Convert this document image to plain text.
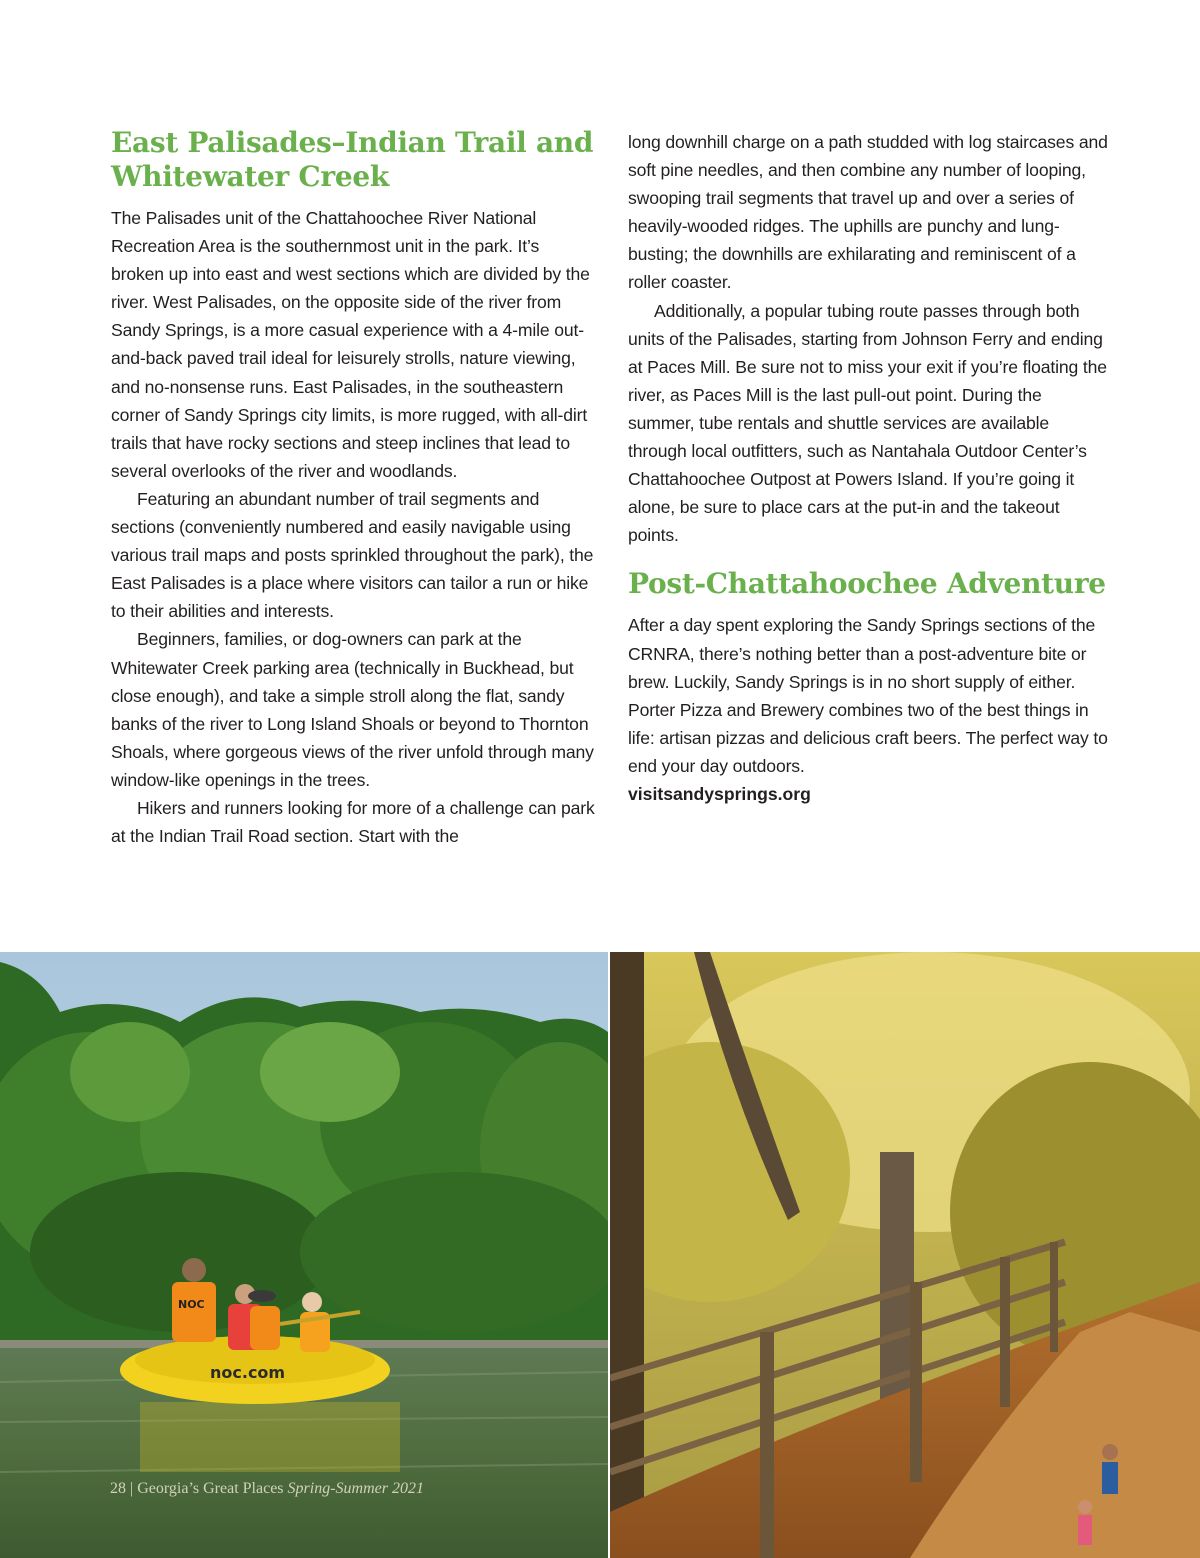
East Palisades–Indian Trail and Whitewater Creek

The Palisades unit of the Chattahoochee River National Recreation Area is the southernmost unit in the park. It’s broken up into east and west sections which are divided by the river. West Palisades, on the opposite side of the river from Sandy Springs, is a more casual experience with a 4-mile out-and-back paved trail ideal for leisurely strolls, nature viewing, and no-nonsense runs. East Palisades, in the southeastern corner of Sandy Springs city limits, is more rugged, with all-dirt trails that have rocky sections and steep inclines that lead to several overlooks of the river and woodlands.

Featuring an abundant number of trail segments and sections (conveniently numbered and easily navigable using various trail maps and posts sprinkled throughout the park), the East Palisades is a place where visitors can tailor a run or hike to their abilities and interests.

Beginners, families, or dog-owners can park at the Whitewater Creek parking area (technically in Buckhead, but close enough), and take a simple stroll along the flat, sandy banks of the river to Long Island Shoals or beyond to Thornton Shoals, where gorgeous views of the river unfold through many window-like openings in the trees.

Hikers and runners looking for more of a challenge can park at the Indian Trail Road section. Start with the

long downhill charge on a path studded with log staircases and soft pine needles, and then combine any number of looping, swooping trail segments that travel up and over a series of heavily-wooded ridges. The uphills are punchy and lung-busting; the downhills are exhilarating and reminiscent of a roller coaster.

Additionally, a popular tubing route passes through both units of the Palisades, starting from Johnson Ferry and ending at Paces Mill. Be sure not to miss your exit if you’re floating the river, as Paces Mill is the last pull-out point. During the summer, tube rentals and shuttle services are available through local outfitters, such as Nantahala Outdoor Center’s Chattahoochee Outpost at Powers Island. If you’re going it alone, be sure to place cars at the put-in and the takeout points.

Post-Chattahoochee Adventure

After a day spent exploring the Sandy Springs sections of the CRNRA, there’s nothing better than a post-adventure bite or brew. Luckily, Sandy Springs is in no short supply of either. Porter Pizza and Brewery combines two of the best things in life: artisan pizzas and delicious craft beers. The perfect way to end your day outdoors.

visitsandysprings.org
noc.com
NOC
28 | Georgia’s Great Places Spring-Summer 2021
